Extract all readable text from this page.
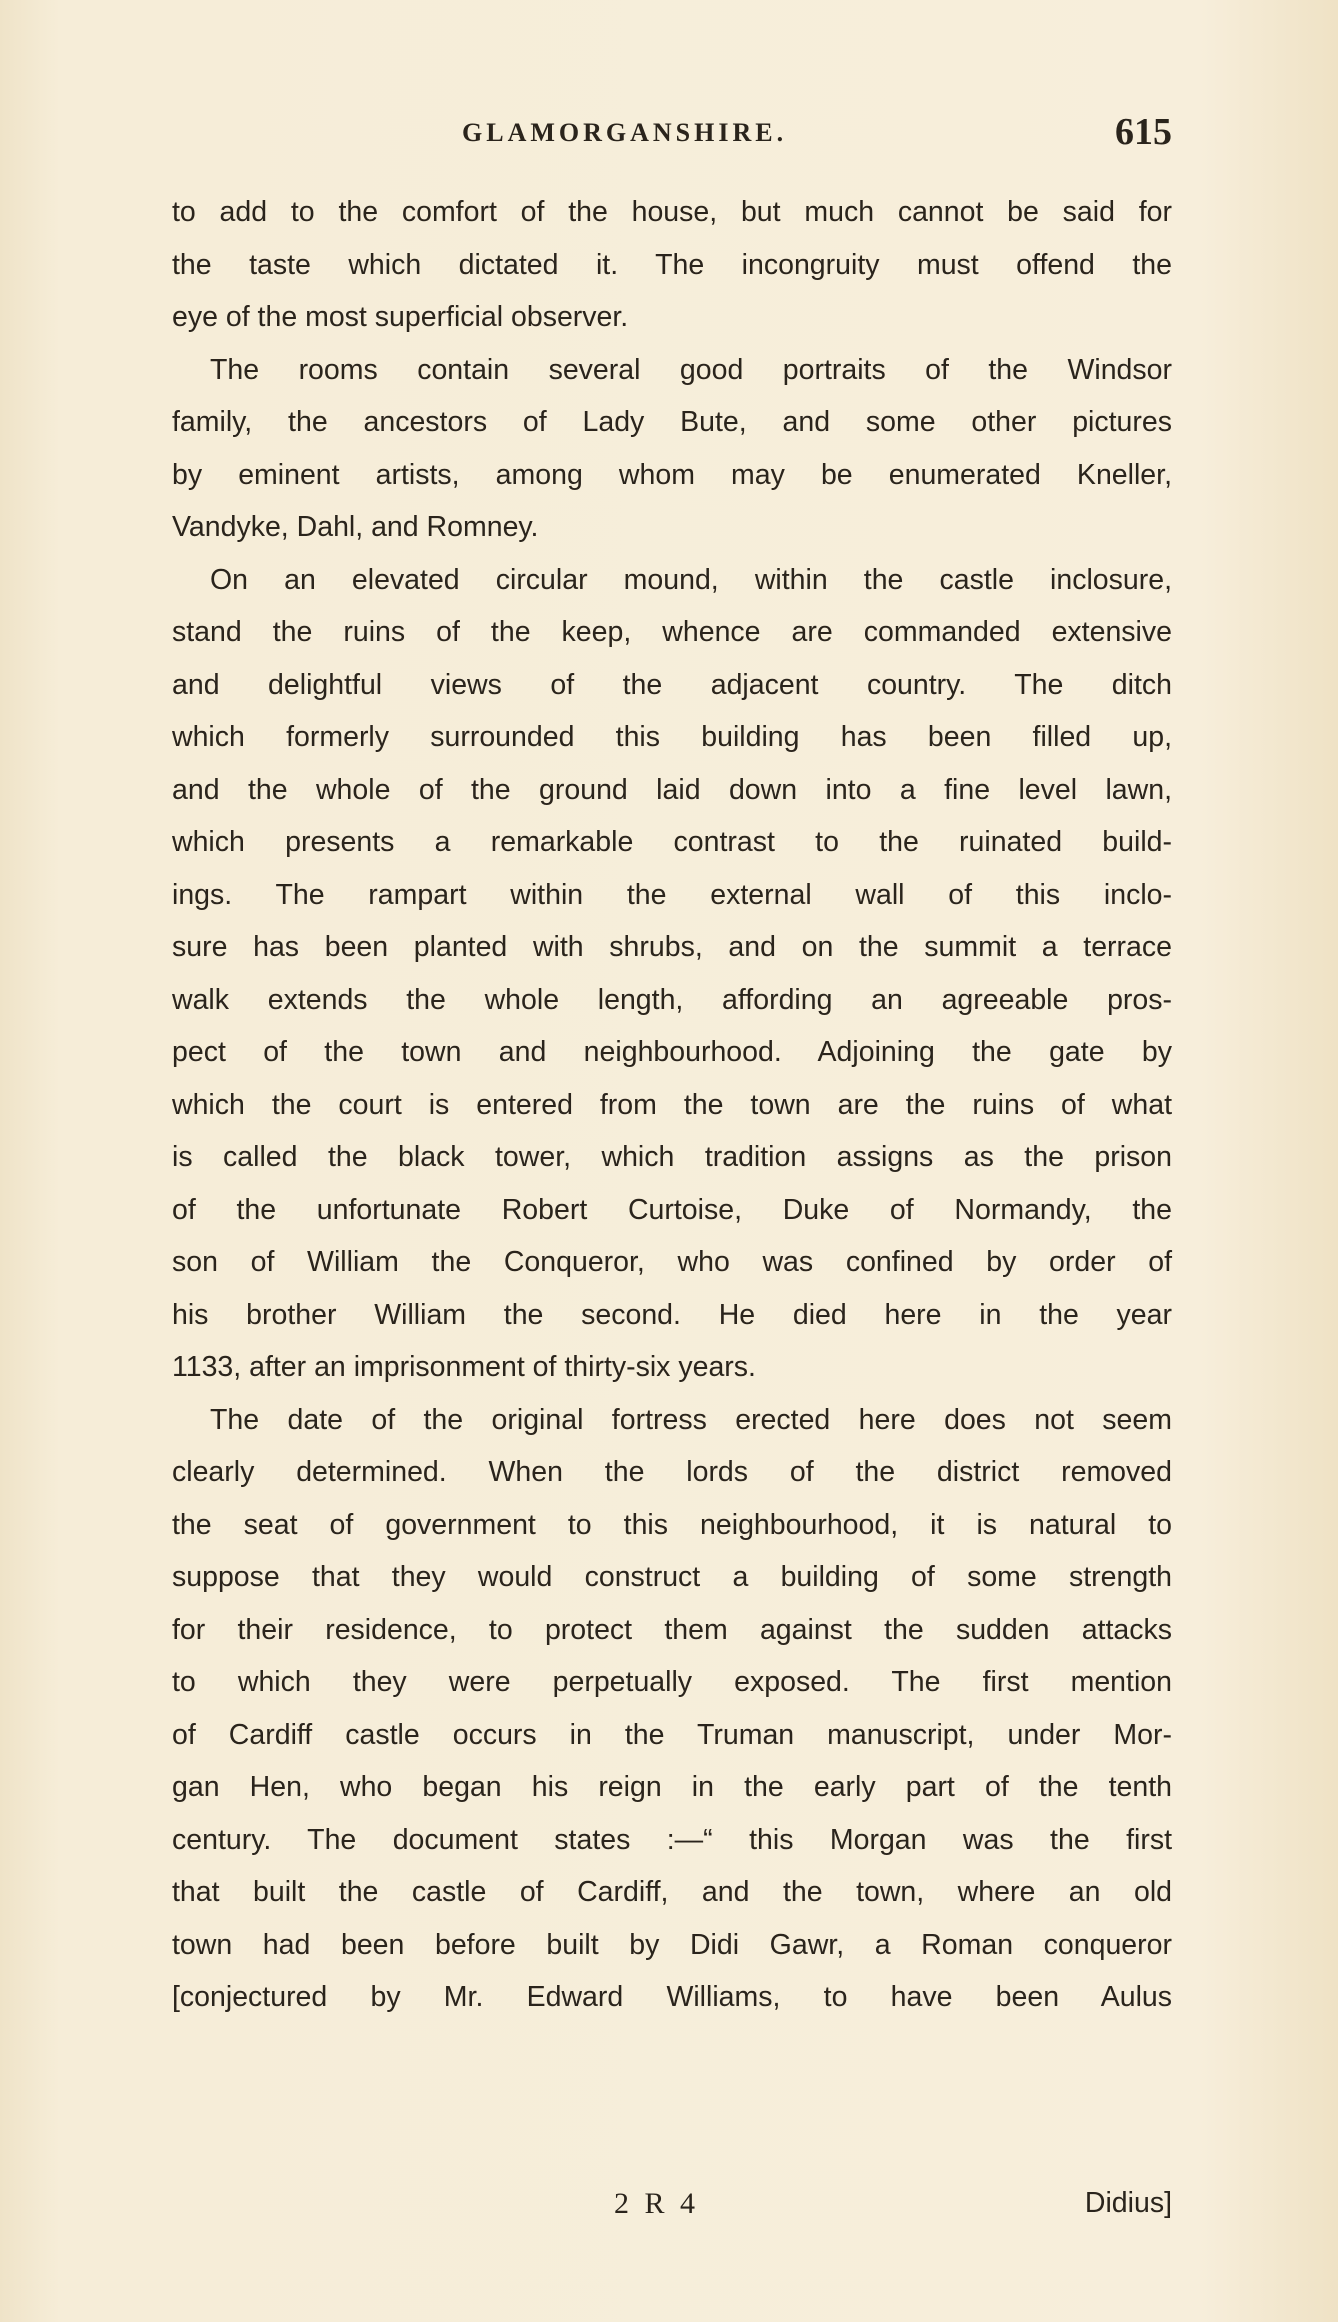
GLAMORGANSHIRE.	615
to add to the comfort of the house, but much cannot be said for
the taste which dictated it. The incongruity must offend the
eye of the most superficial observer.
The rooms contain several good portraits of the Windsor
family, the ancestors of Lady Bute, and some other pictures
by eminent artists, among whom may be enumerated Kneller,
Vandyke, Dahl, and Romney.
On an elevated circular mound, within the castle inclosure,
stand the ruins of the keep, whence are commanded extensive
and delightful views of the adjacent country. The ditch
which formerly surrounded this building has been filled up,
and the whole of the ground laid down into a fine level lawn,
which presents a remarkable contrast to the ruinated build-
ings. The rampart within the external wall of this inclo-
sure has been planted with shrubs, and on the summit a terrace
walk extends the whole length, affording an agreeable pros-
pect of the town and neighbourhood. Adjoining the gate by
which the court is entered from the town are the ruins of what
is called the black tower, which tradition assigns as the prison
of the unfortunate Robert Curtoise, Duke of Normandy, the
son of William the Conqueror, who was confined by order of
his brother William the second. He died here in the year
1133, after an imprisonment of thirty-six years.
The date of the original fortress erected here does not seem
clearly determined. When the lords of the district removed
the seat of government to this neighbourhood, it is natural to
suppose that they would construct a building of some strength
for their residence, to protect them against the sudden attacks
to which they were perpetually exposed. The first mention
of Cardiff castle occurs in the Truman manuscript, under Mor-
gan Hen, who began his reign in the early part of the tenth
century. The document states :—“ this Morgan was the first
that built the castle of Cardiff, and the town, where an old
town had been before built by Didi Gawr, a Roman conqueror
[conjectured by Mr. Edward Williams, to have been Aulus
2 R 4	Didius]
